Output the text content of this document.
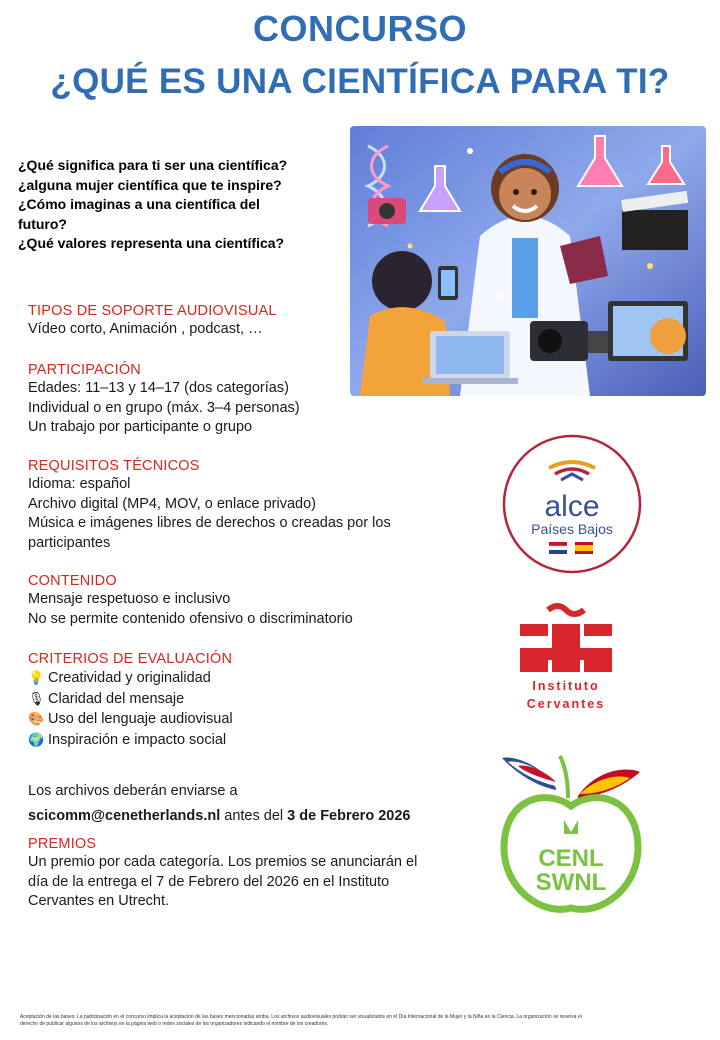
CONCURSO
¿QUÉ ES UNA CIENTÍFICA PARA TI?
¿Qué significa para ti ser una científica?
¿alguna mujer científica que te inspire?
¿Cómo imaginas a una científica del
futuro?
¿Qué valores representa una científica?
TIPOS DE SOPORTE AUDIOVISUAL
Vídeo corto, Animación , podcast, …
PARTICIPACIÓN
Edades: 11–13 y 14–17 (dos categorías)
Individual o en grupo (máx. 3–4 personas)
Un trabajo por participante o grupo
REQUISITOS TÉCNICOS
Idioma: español
Archivo digital (MP4, MOV, o enlace privado)
Música e imágenes libres de derechos o creadas por los
participantes
CONTENIDO
Mensaje respetuoso e inclusivo
No se permite contenido ofensivo o discriminatorio
CRITERIOS DE EVALUACIÓN
💡 Creatividad y originalidad
🎙 Claridad del mensaje
🎨 Uso del lenguaje audiovisual
🌍 Inspiración e impacto social
Los archivos deberán enviarse a
scicomm@cenetherlands.nl antes del 3 de Febrero 2026
PREMIOS
Un premio por cada categoría. Los premios se anunciarán el
día de la entrega el 7 de Febrero del 2026 en el Instituto
Cervantes en Utrecht.
alce
Países Bajos
Instituto
Cervantes
CENL
SWNL
Aceptación de las bases: La participación en el concurso implica la aceptación de las bases mencionadas arriba. Los archivos audiovisuales podrán ser visualizados en el Día Internacional de la Mujer y la Niña en la Ciencia. La organización se reserva el
derecho de publicar algunos de los archivos en la página web o redes sociales de los organizadores indicando el nombre de los creadores.
